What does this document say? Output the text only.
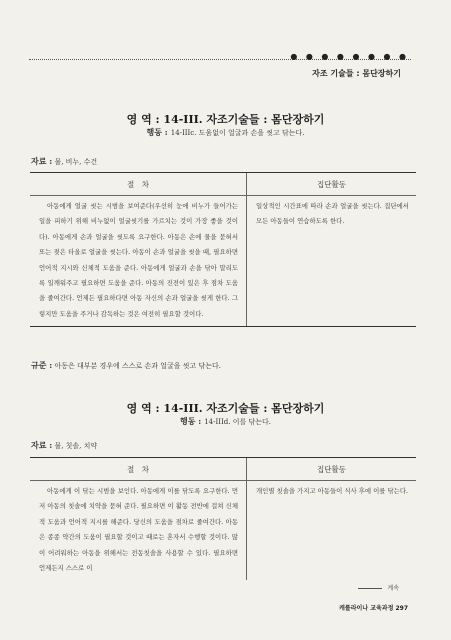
● ● ● ● ● ● ● ●
자조 기술들 : 몸단장하기
영 역 : 14-III. 자조기술들 : 몸단장하기
행동 : 14-IIIc. 도움없이 얼굴과 손을 씻고 닦는다.
자료 : 물, 비누, 수건
절　차	집단활동

아동에게 얼굴 씻는 시범을 보여준다(우선히 눈에 비누가 들어가는 일을 피하기 위해 비누없이 얼굴씻기를 가르치는 것이 가장 좋을 것이다). 아동에게 손과 얼굴을 씻도록 요구한다. 아동은 손에 물을 묻혀서 또는 젖은 타올로 얼굴을 씻는다. 아동이 손과 얼굴을 씻을 때, 필요하면 언어적 지시와 신체적 도움을 준다. 아동에게 얼굴과 손을 닦아 말리도록 일깨워주고 필요하면 도움을 준다. 아동의 진전이 있은 후 점차 도움을 줄여간다. 언제든 필요하다면 아동 자신의 손과 얼굴을 씻게 한다. 그렇지만 도움을 주거나 감독하는 것은 여전히 필요할 것이다.

일상적인 시간표에 따라 손과 얼굴을 씻는다. 집단에서 모든 아동들이 연습하도록 한다.

규준 : 아동은 대부분 경우에 스스로 손과 얼굴을 씻고 닦는다.
영 역 : 14-III. 자조기술들 : 몸단장하기
행동 : 14-IIId. 이를 닦는다.
자료 : 물, 칫솔, 치약
절　차	집단활동

아동에게 이 닦는 시범을 보인다. 아동에게 이를 닦도록 요구한다. 먼저 아동의 칫솔에 치약을 묻혀 준다. 필요하면 이 활동 전반에 걸쳐 신체적 도움과 언어적 지시를 해준다. 당신의 도움을 점차로 줄여간다. 아동은 종종 약간의 도움이 필요할 것이고 때로는 혼자서 수행할 것이다. 많이 어려워하는 아동을 위해서는 전동칫솔을 사용할 수 있다. 필요하면 언제든지 스스로 이

개인별 칫솔을 가지고 아동들이 식사 후에 이를 닦는다.

계속
캐롤라이나 교육과정 297
